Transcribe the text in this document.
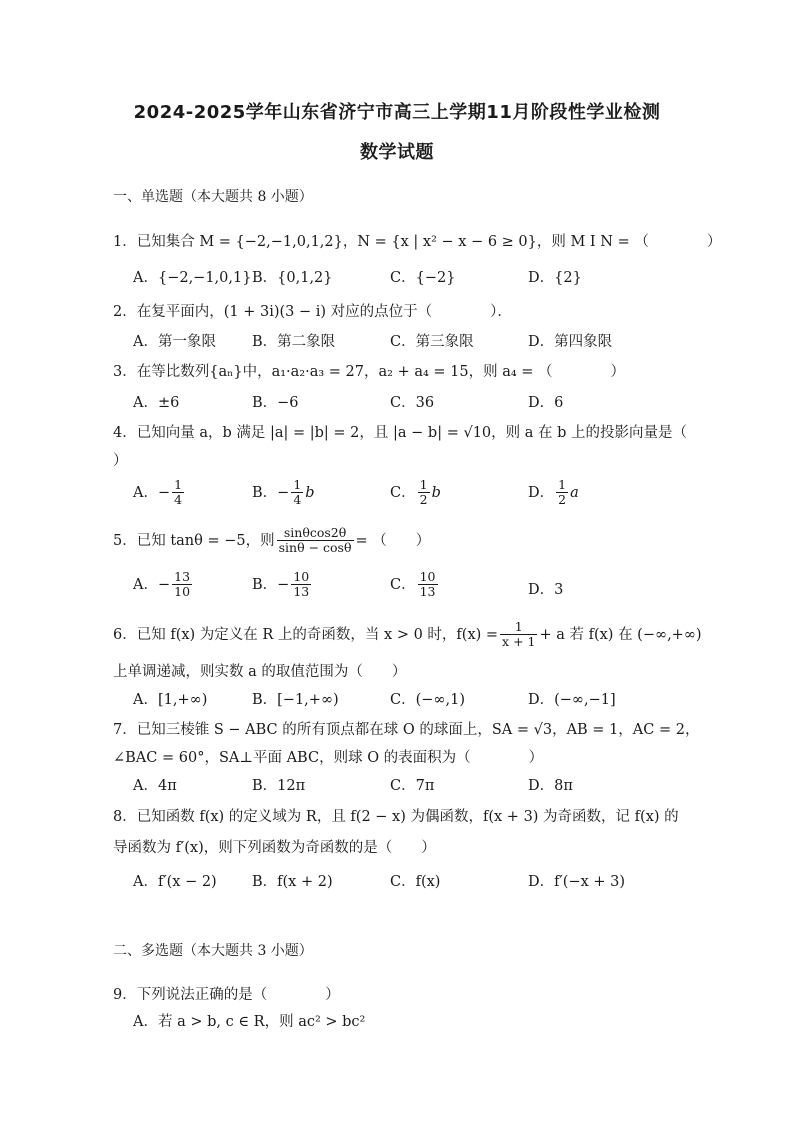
2024-2025学年山东省济宁市高三上学期11月阶段性学业检测
数学试题
一、单选题（本大题共 8 小题）
1．已知集合 M = {−2,−1,0,1,2}，N = {x | x² − x − 6 ≥ 0}，则 M I N = （　　　　）
A．{−2,−1,0,1} B．{0,1,2}	C．{−2}	D．{2}
2．在复平面内，(1 + 3i)(3 − i) 对应的点位于（　　　　）．
A．第一象限 B．第二象限	C．第三象限	D．第四象限
3．在等比数列{aₙ}中，a₁·a₂·a₃ = 27，a₂ + a₄ = 15，则 a₄ = （　　　　）
A．±6	B．−6	C．36	D．6
4．已知向量 a，b 满足 |a| = |b| = 2，且 |a − b| = √10，则 a 在 b 上的投影向量是（
）
A．− $\frac{1}{4}$	B．− $\frac{1}{4}$ b	C． $\frac{1}{2}$ b	D． $\frac{1}{2}$ a
5．已知 tanθ = −5，则 $\frac{\sin\theta\cos 2\theta}{\sin\theta - \cos\theta}$ = （　　）
A．− $\frac{13}{10}$	B．− $\frac{10}{13}$	C． $\frac{10}{13}$	D．3
6．已知 f(x) 为定义在 R 上的奇函数，当 x > 0 时，$f(x) = \frac{1}{x + 1} + a$ 若 f(x) 在 (−∞,+∞)
上单调递减，则实数 a 的取值范围为（　　）
A．[1,+∞)	B．[−1,+∞)	C．(−∞,1)	D．(−∞,−1]
7．已知三棱锥 S − ABC 的所有顶点都在球 O 的球面上，SA = √3，AB = 1，AC = 2，
∠BAC = 60°，SA⊥平面 ABC，则球 O 的表面积为（　　　　）
A．4π	B．12π	C．7π	D．8π
8．已知函数 f(x) 的定义域为 R，且 f(2 − x) 为偶函数，f(x + 3) 为奇函数，记 f(x) 的
导函数为 f′(x)，则下列函数为奇函数的是（　　）
A．f′(x − 2) B．f(x + 2)	C．f(x)	D．f′(−x + 3)
二、多选题（本大题共 3 小题）
9．下列说法正确的是（　　　　）
A．若 a > b, c ∈ R，则 ac² > bc²
